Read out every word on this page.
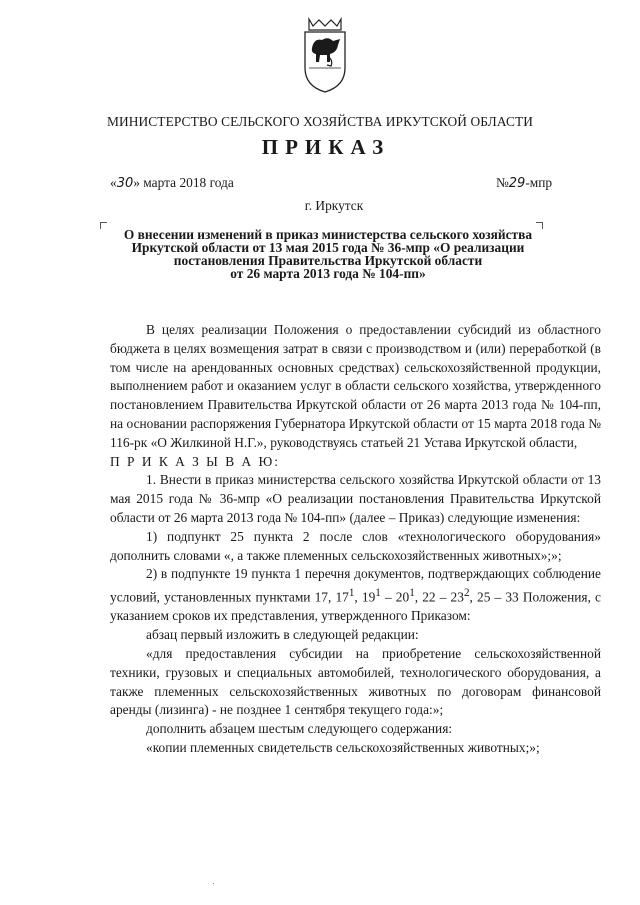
МИНИСТЕРСТВО СЕЛЬСКОГО ХОЗЯЙСТВА ИРКУТСКОЙ ОБЛАСТИ
ПРИКАЗ
«30» марта 2018 года	№29-мпр
г. Иркутск
О внесении изменений в приказ министерства сельского хозяйства
Иркутской области от 13 мая 2015 года № 36-мпр «О реализации
постановления Правительства Иркутской области
от 26 марта 2013 года № 104-пп»

В целях реализации Положения о предоставлении субсидий из областного бюджета в целях возмещения затрат в связи с производством и (или) переработкой (в том числе на арендованных основных средствах) сельскохозяйственной продукции, выполнением работ и оказанием услуг в области сельского хозяйства, утвержденного постановлением Правительства Иркутской области от 26 марта 2013 года № 104-пп, на основании распоряжения Губернатора Иркутской области от 15 марта 2018 года № 116-рк «О Жилкиной Н.Г.», руководствуясь статьей 21 Устава Иркутской области,

П Р И К А З Ы В А Ю:

1. Внести в приказ министерства сельского хозяйства Иркутской области от 13 мая 2015 года № 36-мпр «О реализации постановления Правительства Иркутской области от 26 марта 2013 года № 104-пп» (далее – Приказ) следующие изменения:

1) подпункт 25 пункта 2 после слов «технологического оборудования» дополнить словами «, а также племенных сельскохозяйственных животных»;»;

2) в подпункте 19 пункта 1 перечня документов, подтверждающих соблюдение условий, установленных пунктами 17, $17^1$, $19^1 - 20^1$, $22 - 23^2$, 25 – 33 Положения, с указанием сроков их представления, утвержденного Приказом:

абзац первый изложить в следующей редакции:

«для предоставления субсидии на приобретение сельскохозяйственной техники, грузовых и специальных автомобилей, технологического оборудования, а также племенных сельскохозяйственных животных по договорам финансовой аренды (лизинга) - не позднее 1 сентября текущего года:»;

дополнить абзацем шестым следующего содержания:

«копии племенных свидетельств сельскохозяйственных животных;»;
